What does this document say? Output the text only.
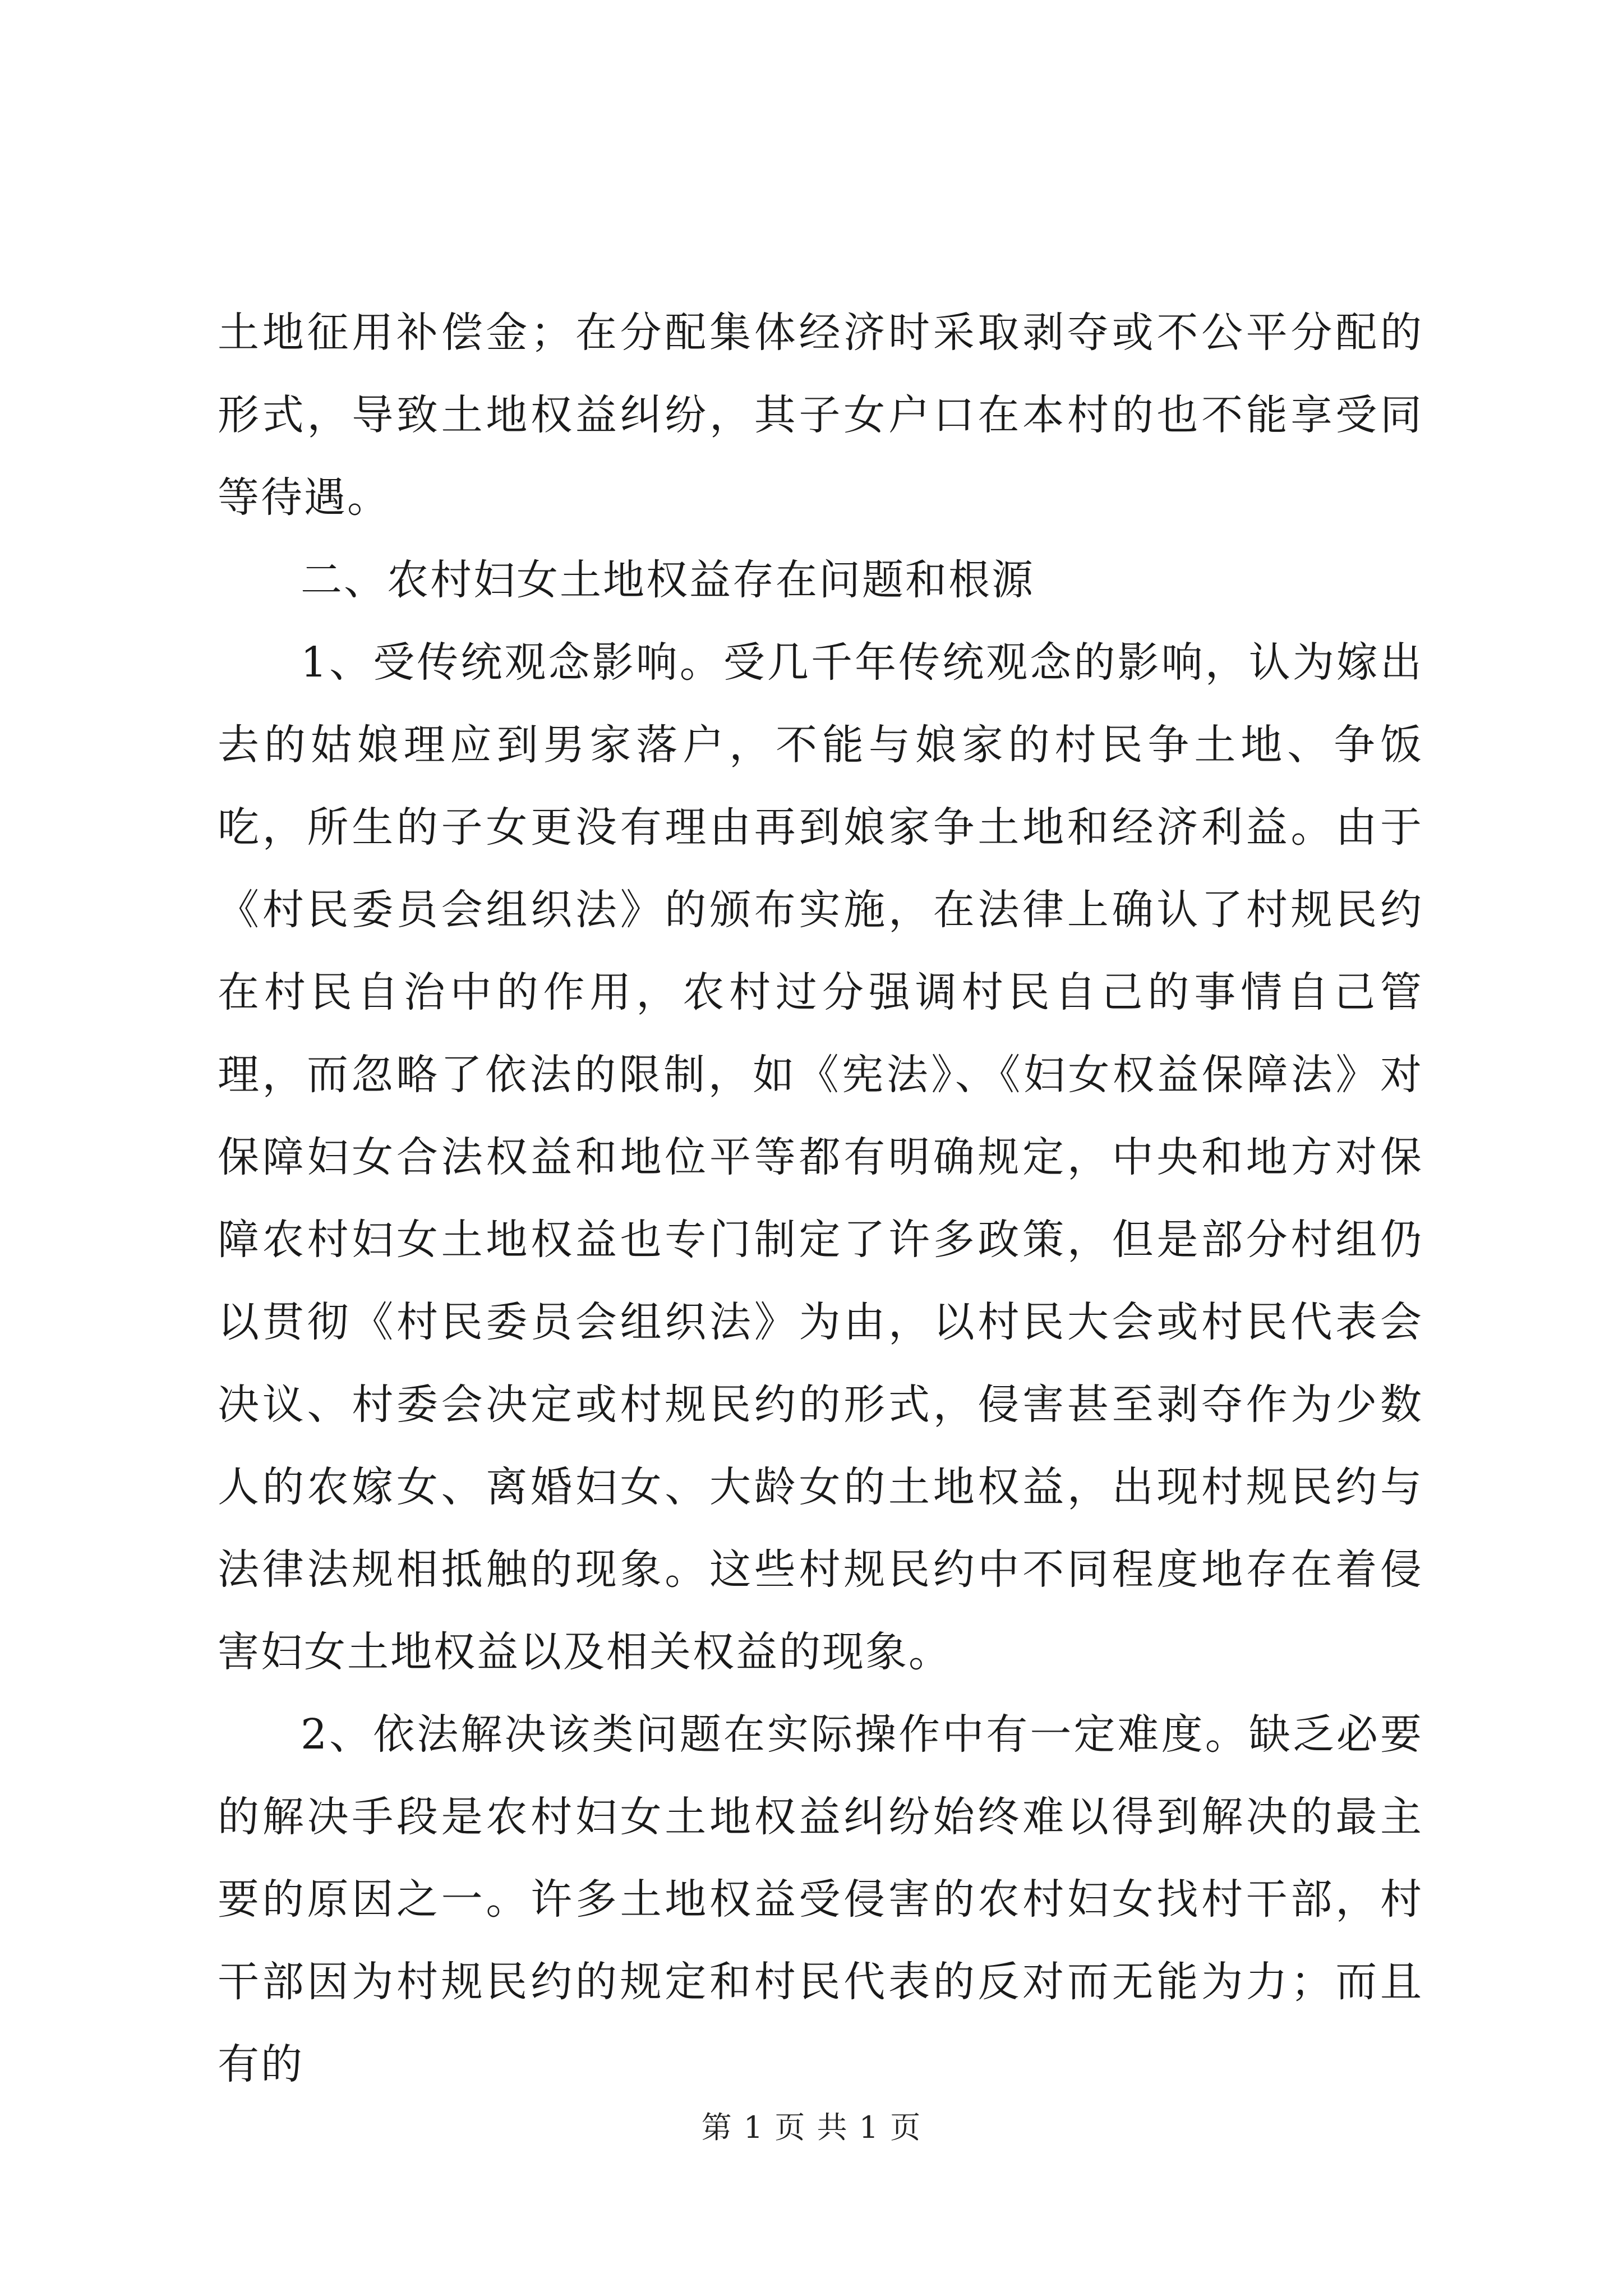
土地征用补偿金；在分配集体经济时采取剥夺或不公平分配的形式，导致土地权益纠纷，其子女户口在本村的也不能享受同等待遇。

二、农村妇女土地权益存在问题和根源

1、受传统观念影响。受几千年传统观念的影响，认为嫁出去的姑娘理应到男家落户，不能与娘家的村民争土地、争饭吃，所生的子女更没有理由再到娘家争土地和经济利益。由于《村民委员会组织法》的颁布实施，在法律上确认了村规民约在村民自治中的作用，农村过分强调村民自己的事情自己管理，而忽略了依法的限制，如《宪法》、《妇女权益保障法》对保障妇女合法权益和地位平等都有明确规定，中央和地方对保障农村妇女土地权益也专门制定了许多政策，但是部分村组仍以贯彻《村民委员会组织法》为由，以村民大会或村民代表会决议、村委会决定或村规民约的形式，侵害甚至剥夺作为少数人的农嫁女、离婚妇女、大龄女的土地权益，出现村规民约与法律法规相抵触的现象。这些村规民约中不同程度地存在着侵害妇女土地权益以及相关权益的现象。

2、依法解决该类问题在实际操作中有一定难度。缺乏必要的解决手段是农村妇女土地权益纠纷始终难以得到解决的最主要的原因之一。许多土地权益受侵害的农村妇女找村干部，村干部因为村规民约的规定和村民代表的反对而无能为力；而且有的

第 1 页 共 1 页
